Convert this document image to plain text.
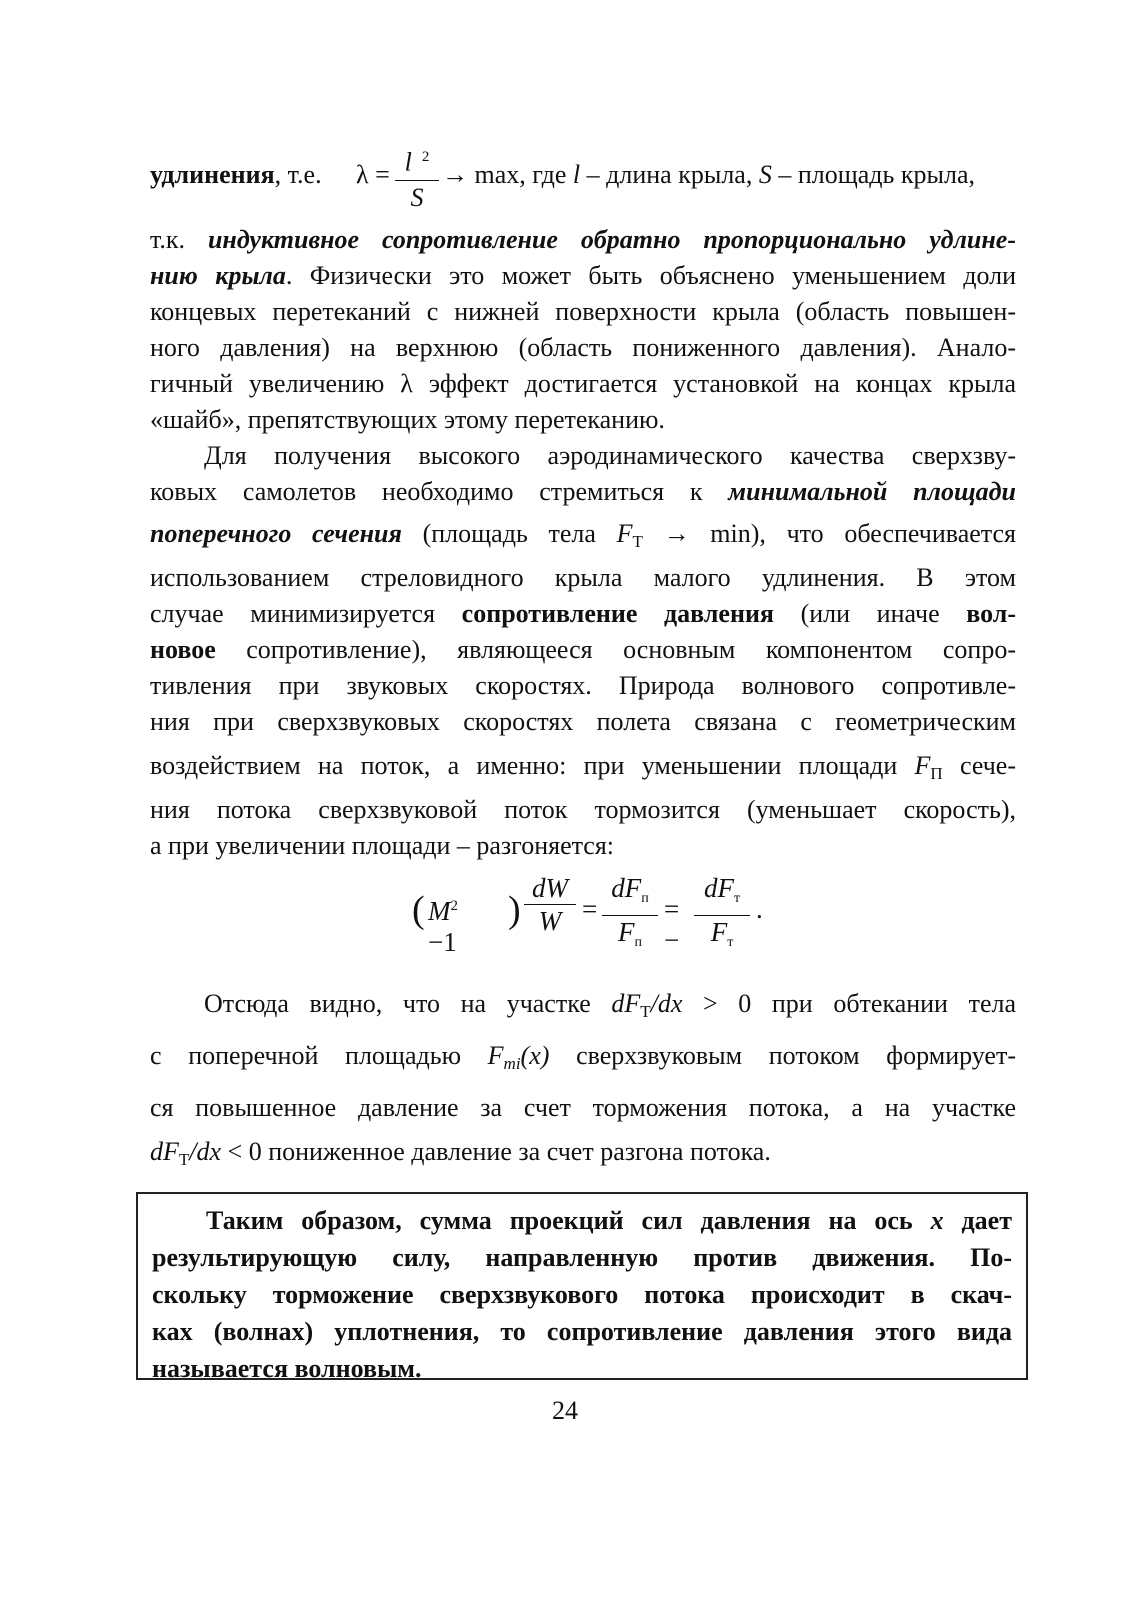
удлинения, т.е. λ = l $^2$
S
→ max, где l – длина крыла, S – площадь крыла,

т.к. индуктивное сопротивление обратно пропорционально удлине-
нию крыла. Физически это может быть объяснено уменьшением доли
концевых перетеканий с нижней поверхности крыла (область повышен-
ного давления) на верхнюю (область пониженного давления). Анало-
гичный увеличению λ эффект достигается установкой на концах крыла
«шайб», препятствующих этому перетеканию.

Для получения высокого аэродинамического качества сверхзву-
ковых самолетов необходимо стремиться к минимальной площади
поперечного сечения (площадь тела $F_Т \to \min$), что обеспечивается
использованием стреловидного крыла малого удлинения. В этом
случае минимизируется сопротивление давления (или иначе вол-
новое сопротивление), являющееся основным компонентом сопро-
тивления при звуковых скоростях. Природа волнового сопротивле-
ния при сверхзвуковых скоростях полета связана с геометрическим
воздействием на поток, а именно: при уменьшении площади $F_П$ сече-
ния потока сверхзвуковой поток тормозится (уменьшает скорость),
а при увеличении площади – разгоняется:

( $M^2 -1$
)
dW
W =
$dF_п$
$F_п$
= −
$dF_т$
$F_т$
.

Отсюда видно, что на участке $dF_Т/dx > 0$ при обтекании тела
с поперечной площадью $F_{тi}(x)$ сверхзвуковым потоком формирует-
ся повышенное давление за счет торможения потока, а на участке
$dF_Т/dx < 0$ пониженное давление за счет разгона потока.

Таким образом, сумма проекций сил давления на ось x дает
результирующую силу, направленную против движения. По-
скольку торможение сверхзвукового потока происходит в скач-
ках (волнах) уплотнения, то сопротивление давления этого вида
называется волновым.

24
